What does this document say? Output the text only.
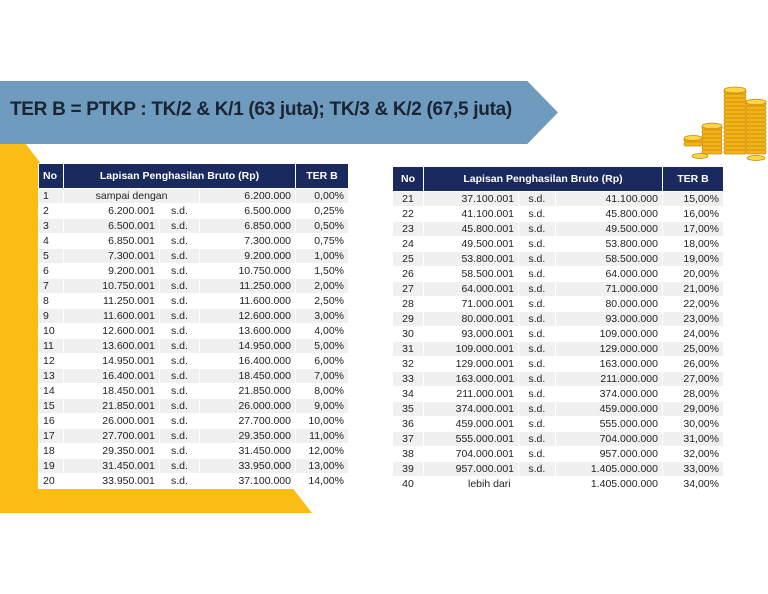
TER B = PTKP : TK/2 & K/1 (63 juta); TK/3 & K/2 (67,5 juta)
No	Lapisan Penghasilan Bruto (Rp)			TER B
1	sampai dengan		6.200.000	0,00%
2	6.200.001	s.d.	6.500.000	0,25%
3	6.500.001	s.d.	6.850.000	0,50%
4	6.850.001	s.d.	7.300.000	0,75%
5	7.300.001	s.d.	9.200.000	1,00%
6	9.200.001	s.d.	10.750.000	1,50%
7	10.750.001	s.d.	11.250.000	2,00%
8	11.250.001	s.d.	11.600.000	2,50%
9	11.600.001	s.d.	12.600.000	3,00%
10	12.600.001	s.d.	13.600.000	4,00%
11	13.600.001	s.d.	14.950.000	5,00%
12	14.950.001	s.d.	16.400.000	6,00%
13	16.400.001	s.d.	18.450.000	7,00%
14	18.450.001	s.d.	21.850.000	8,00%
15	21.850.001	s.d.	26.000.000	9,00%
16	26.000.001	s.d.	27.700.000	10,00%
17	27.700.001	s.d.	29.350.000	11,00%
18	29.350.001	s.d.	31.450.000	12,00%
19	31.450.001	s.d.	33.950.000	13,00%
20	33.950.001	s.d.	37.100.000	14,00%
No	Lapisan Penghasilan Bruto (Rp)			TER B
21	37.100.001	s.d.	41.100.000	15,00%
22	41.100.001	s.d.	45.800.000	16,00%
23	45.800.001	s.d.	49.500.000	17,00%
24	49.500.001	s.d.	53.800.000	18,00%
25	53.800.001	s.d.	58.500.000	19,00%
26	58.500.001	s.d.	64.000.000	20,00%
27	64.000.001	s.d.	71.000.000	21,00%
28	71.000.001	s.d.	80.000.000	22,00%
29	80.000.001	s.d.	93.000.000	23,00%
30	93.000.001	s.d.	109.000.000	24,00%
31	109.000.001	s.d.	129.000.000	25,00%
32	129.000.001	s.d.	163.000.000	26,00%
33	163.000.001	s.d.	211.000.000	27,00%
34	211.000.001	s.d.	374.000.000	28,00%
35	374.000.001	s.d.	459.000.000	29,00%
36	459.000.001	s.d.	555.000.000	30,00%
37	555.000.001	s.d.	704.000.000	31,00%
38	704.000.001	s.d.	957.000.000	32,00%
39	957.000.001	s.d.	1.405.000.000	33,00%
40	lebih dari		1.405.000.000	34,00%
